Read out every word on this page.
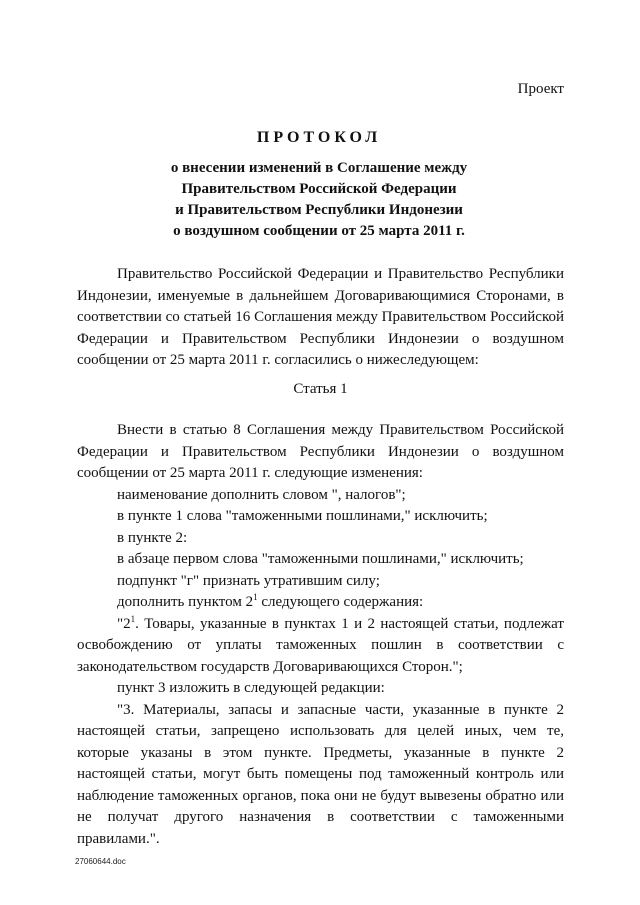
Проект
ПРОТОКОЛ
о внесении изменений в Соглашение между
Правительством Российской Федерации
и Правительством Республики Индонезии
о воздушном сообщении от 25 марта 2011 г.

Правительство Российской Федерации и Правительство Республики Индонезии, именуемые в дальнейшем Договаривающимися Сторонами, в соответствии со статьей 16 Соглашения между Правительством Российской Федерации и Правительством Республики Индонезии о воздушном сообщении от 25 марта 2011 г. согласились о нижеследующем:

Статья 1

Внести в статью 8 Соглашения между Правительством Российской Федерации и Правительством Республики Индонезии о воздушном сообщении от 25 марта 2011 г. следующие изменения:

наименование дополнить словом ", налогов";

в пункте 1 слова "таможенными пошлинами," исключить;

в пункте 2:

в абзаце первом слова "таможенными пошлинами," исключить;

подпункт "г" признать утратившим силу;

дополнить пунктом $2^1$ следующего содержания:

"$2^1$. Товары, указанные в пунктах 1 и 2 настоящей статьи, подлежат освобождению от уплаты таможенных пошлин в соответствии с законодательством государств Договаривающихся Сторон.";

пункт 3 изложить в следующей редакции:

"3. Материалы, запасы и запасные части, указанные в пункте 2 настоящей статьи, запрещено использовать для целей иных, чем те, которые указаны в этом пункте. Предметы, указанные в пункте 2 настоящей статьи, могут быть помещены под таможенный контроль или наблюдение таможенных органов, пока они не будут вывезены обратно или не получат другого назначения в соответствии с таможенными правилами.".

27060644.doc
